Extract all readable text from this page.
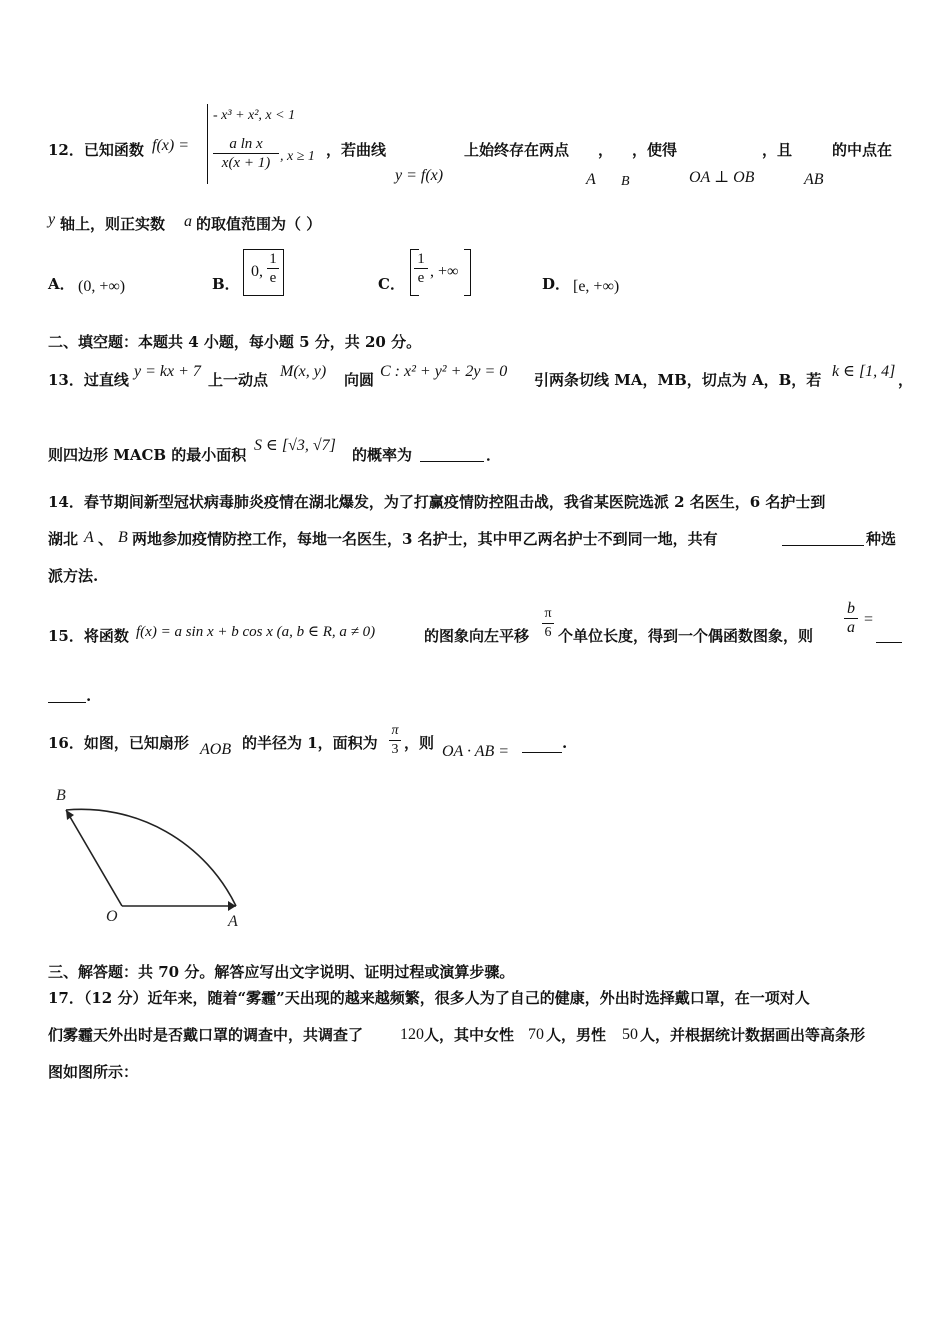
12．已知函数 f(x) =
- x³ + x², x < 1
$\frac{\text{a ln x}}{x(x + 1)}$ , x ≥ 1 ，若曲线
y = f(x)
上始终存在两点 ， ，使得
A B	OA ⊥ OB
，且
AB
的中点在
y 轴上，则正实数 a 的取值范围为（ ）
A． (0, +∞)	B．
0, $\frac{1}{e}$	C． $\frac{1}{e}$ , +∞
D． [e, +∞)
二、填空题：本题共 4 小题，每小题 5 分，共 20 分。
13．过直线 y = kx + 7 上一动点 M(x, y) 向圆 C : x² + y² + 2y = 0 引两条切线 MA，MB，切点为 A，B，若 k ∈ [1, 4] ，
则四边形 MACB 的最小面积
S ∈ [√3, √7]
的概率为	．
14．春节期间新型冠状病毒肺炎疫情在湖北爆发，为了打赢疫情防控阻击战，我省某医院选派 2 名医生，6 名护士到
湖北 A 、 B 两地参加疫情防控工作，每地一名医生，3 名护士，其中甲乙两名护士不到同一地，共有	种选
派方法.
15．将函数 f(x) = a sin x + b cos x (a, b ∈ R, a ≠ 0)	的图象向左平移 $\frac{\pi}{6}$ 个单位长度，得到一个偶函数图象，则 $\frac{b}{a}$ =
.
16．如图，已知扇形 AOB 的半径为 1，面积为 $\frac{\pi}{3}$ ，则 OA · AB =	.
B
O	A
三、解答题：共 70 分。解答应写出文字说明、证明过程或演算步骤。
17．（12 分）近年来，随着“雾霾”天出现的越来越频繁，很多人为了自己的健康，外出时选择戴口罩，在一项对人
们雾霾天外出时是否戴口罩的调查中，共调查了 120 人，其中女性 70 人，男性 50 人，并根据统计数据画出等高条形
图如图所示：
